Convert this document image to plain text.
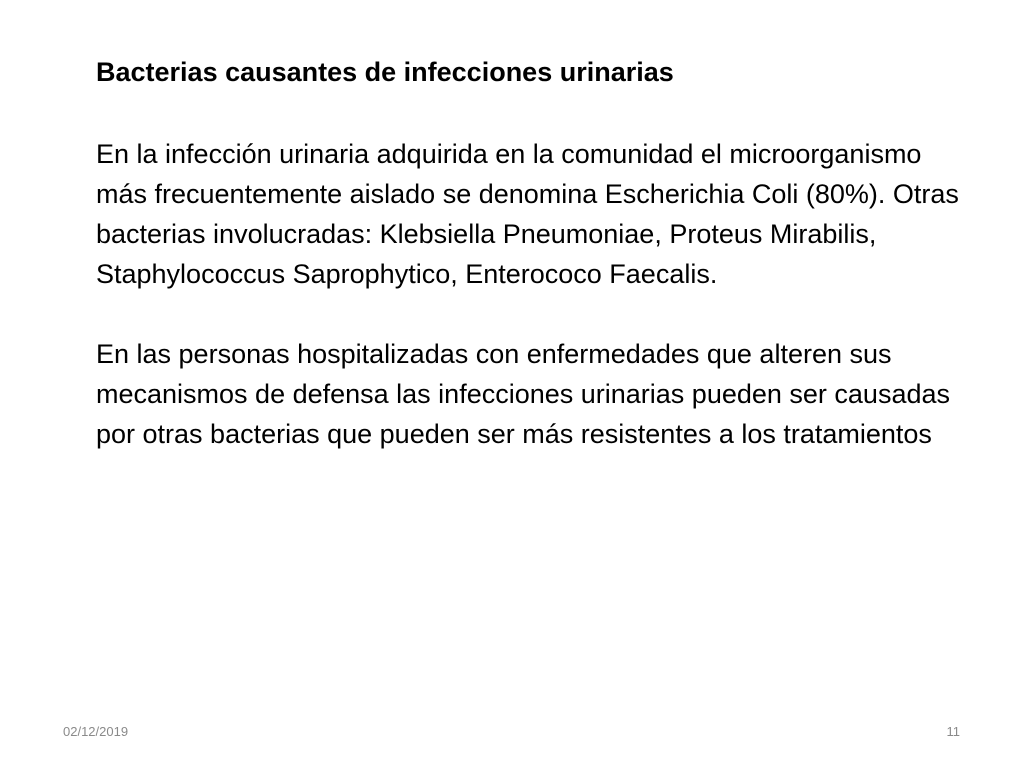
Bacterias causantes de infecciones urinarias

En la infección urinaria adquirida en la comunidad el microorganismo más frecuentemente aislado se denomina Escherichia Coli (80%). Otras bacterias involucradas: Klebsiella Pneumoniae, Proteus Mirabilis, Staphylococcus Saprophytico, Enterococo Faecalis.

En las personas hospitalizadas con enfermedades que alteren sus mecanismos de defensa las infecciones urinarias pueden ser causadas por otras bacterias que pueden ser más resistentes a los tratamientos

02/12/2019	11
